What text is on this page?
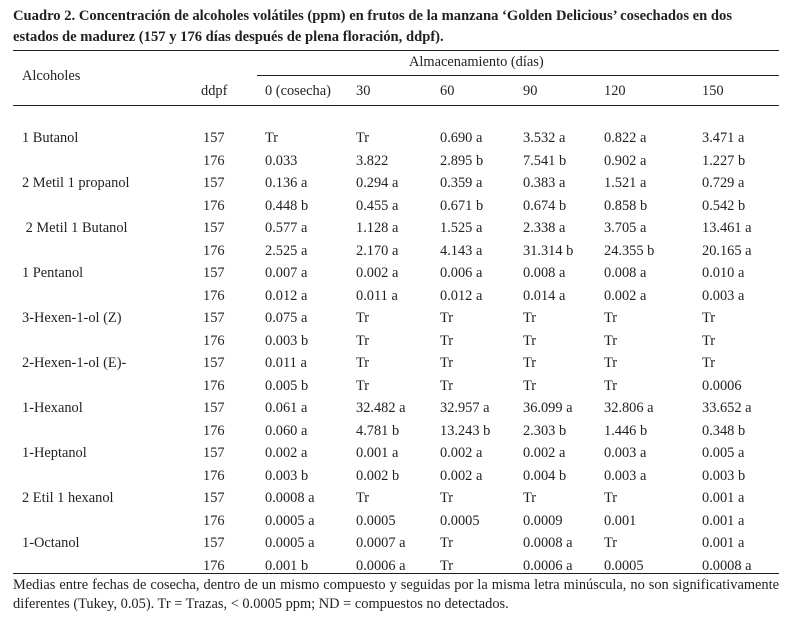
Cuadro 2. Concentración de alcoholes volátiles (ppm) en frutos de la manzana ‘Golden Delicious’ cosechados en dos estados de madurez (157 y 176 días después de plena floración, ddpf).
Alcoholes
Almacenamiento (días)
ddpf	0 (cosecha) 30	60	90	120	150
1 Butanol	157	Tr	Tr	0.690 a	3.532 a	0.822 a	3.471 a
176	0.033	3.822	2.895 b	7.541 b	0.902 a	1.227 b
2 Metil 1 propanol	157	0.136 a	0.294 a	0.359 a	0.383 a	1.521 a	0.729 a
176	0.448 b	0.455 a	0.671 b	0.674 b	0.858 b	0.542 b
2 Metil 1 Butanol	157	0.577 a	1.128 a	1.525 a	2.338 a	3.705 a	13.461 a
176	2.525 a	2.170 a	4.143 a	31.314 b 24.355 b	20.165 a
1 Pentanol	157	0.007 a	0.002 a	0.006 a	0.008 a	0.008 a	0.010 a
176	0.012 a	0.011 a	0.012 a	0.014 a	0.002 a	0.003 a
3-Hexen-1-ol (Z)	157	0.075 a	Tr	Tr	Tr	Tr	Tr
176	0.003 b	Tr	Tr	Tr	Tr	Tr
2-Hexen-1-ol (E)-	157	0.011 a	Tr	Tr	Tr	Tr	Tr
176	0.005 b	Tr	Tr	Tr	Tr	0.0006
1-Hexanol	157	0.061 a	32.482 a 32.957 a 36.099 a 32.806 a	33.652 a
176	0.060 a	4.781 b	13.243 b 2.303 b	1.446 b	0.348 b
1-Heptanol	157	0.002 a	0.001 a	0.002 a	0.002 a	0.003 a	0.005 a
176	0.003 b	0.002 b	0.002 a	0.004 b	0.003 a	0.003 b
2 Etil 1 hexanol	157	0.0008 a	Tr	Tr	Tr	Tr	0.001 a
176	0.0005 a	0.0005	0.0005	0.0009	0.001	0.001 a
1-Octanol	157	0.0005 a	0.0007 a Tr	0.0008 a Tr	0.001 a
176	0.001 b	0.0006 a Tr	0.0006 a 0.0005	0.0008 a
Medias entre fechas de cosecha, dentro de un mismo compuesto y seguidas por la misma letra minúscula, no son significativamente diferentes (Tukey, 0.05). Tr = Trazas, < 0.0005 ppm; ND = compuestos no detectados.
